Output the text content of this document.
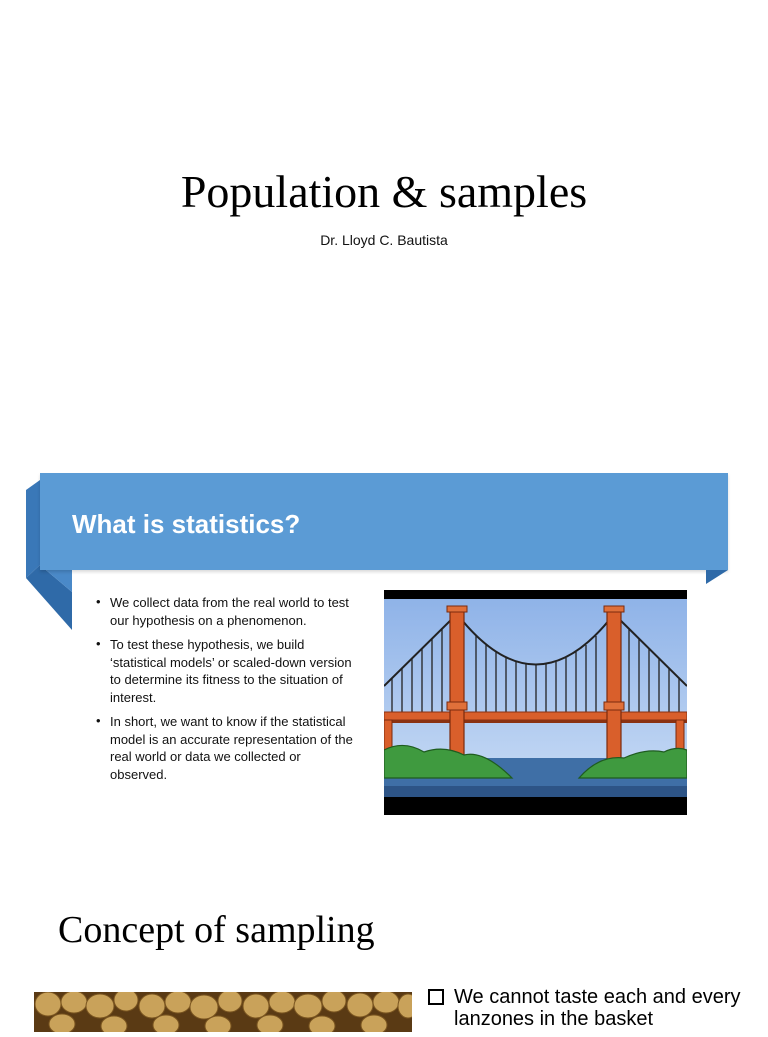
Population & samples
Dr. Lloyd C. Bautista
What is statistics?
• We collect data from the real world to test our hypothesis on a phenomenon.
• To test these hypothesis, we build ‘statistical models’ or scaled-down version to determine its fitness to the situation of interest.
• In short, we want to know if the statistical model is an accurate representation of the real world or data we collected or observed.
Concept of sampling
We cannot taste each and every lanzones in the basket
